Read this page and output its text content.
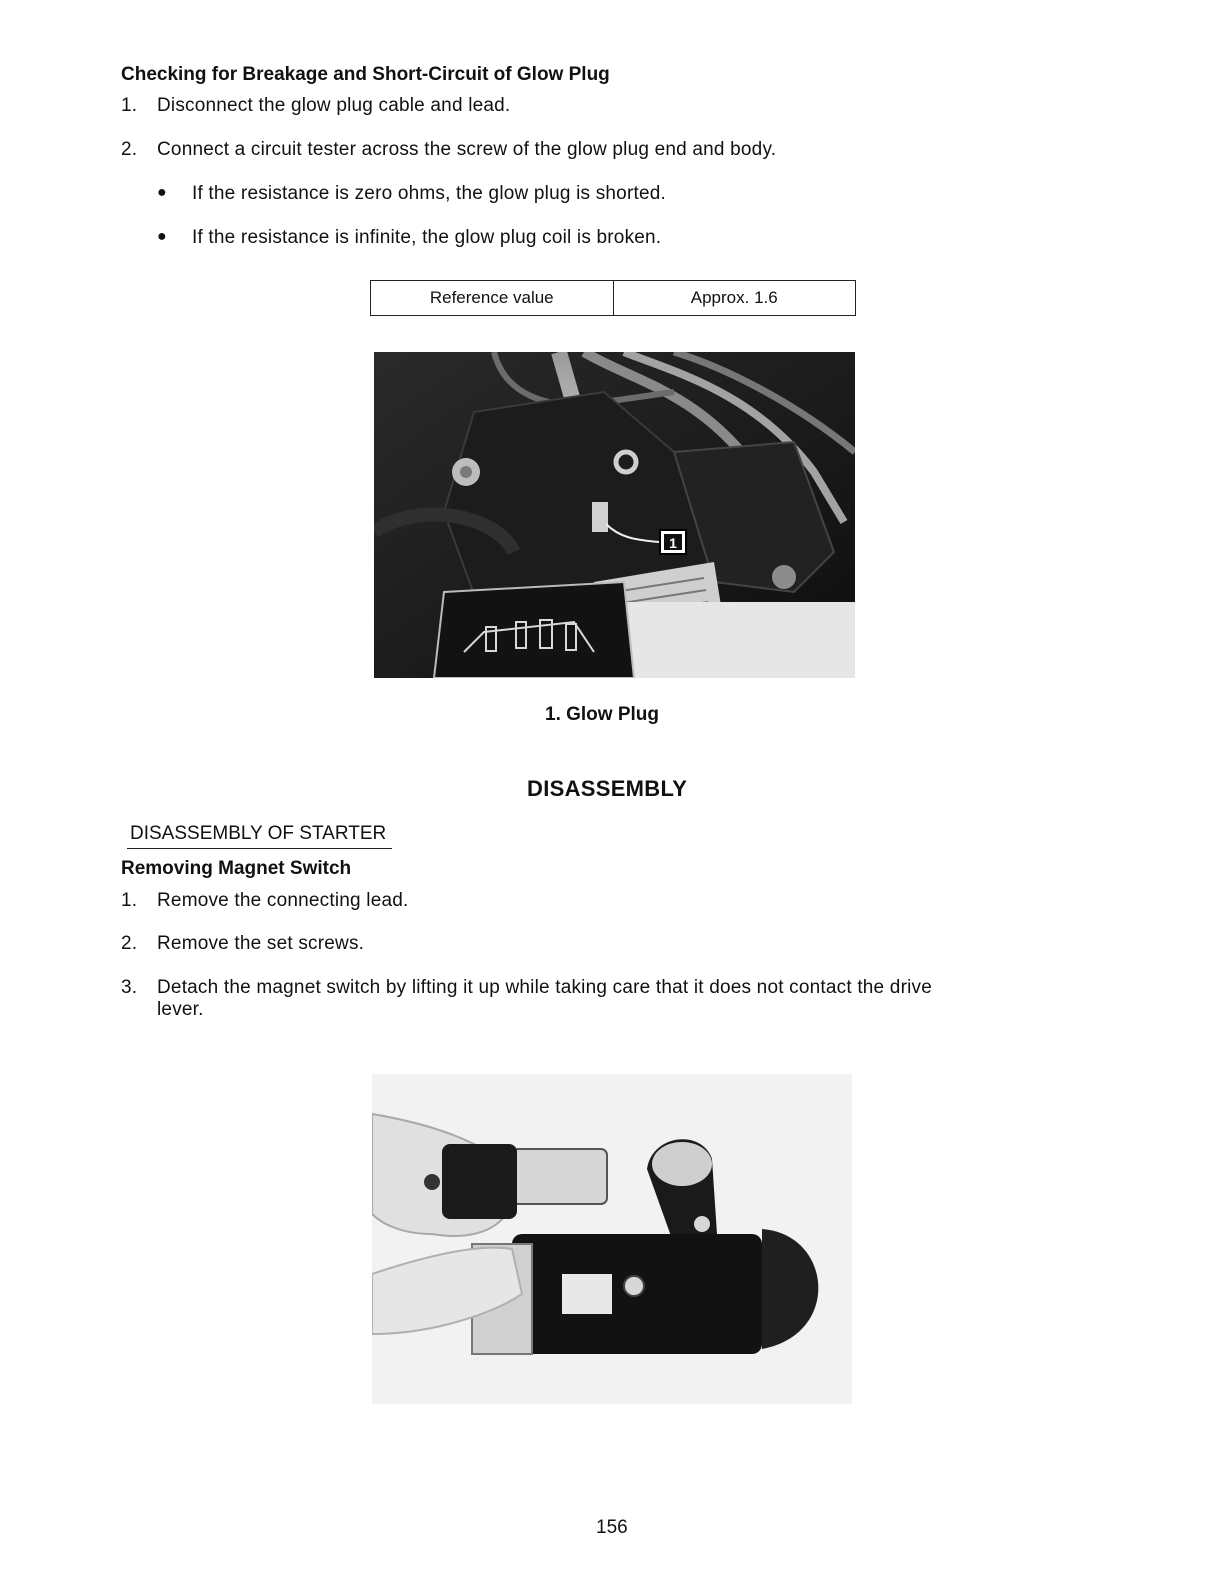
Checking for Breakage and Short-Circuit of Glow Plug
1. Disconnect the glow plug cable and lead.
2. Connect a circuit tester across the screw of the glow plug end and body.
● If the resistance is zero ohms, the glow plug is shorted.
● If the resistance is infinite, the glow plug coil is broken.
Reference value	Approx. 1.6
1
1. Glow Plug
DISASSEMBLY
DISASSEMBLY OF STARTER
Removing Magnet Switch
1. Remove the connecting lead.
2. Remove the set screws.
3. Detach the magnet switch by lifting it up while taking care that it does not contact the drive
lever.
156
